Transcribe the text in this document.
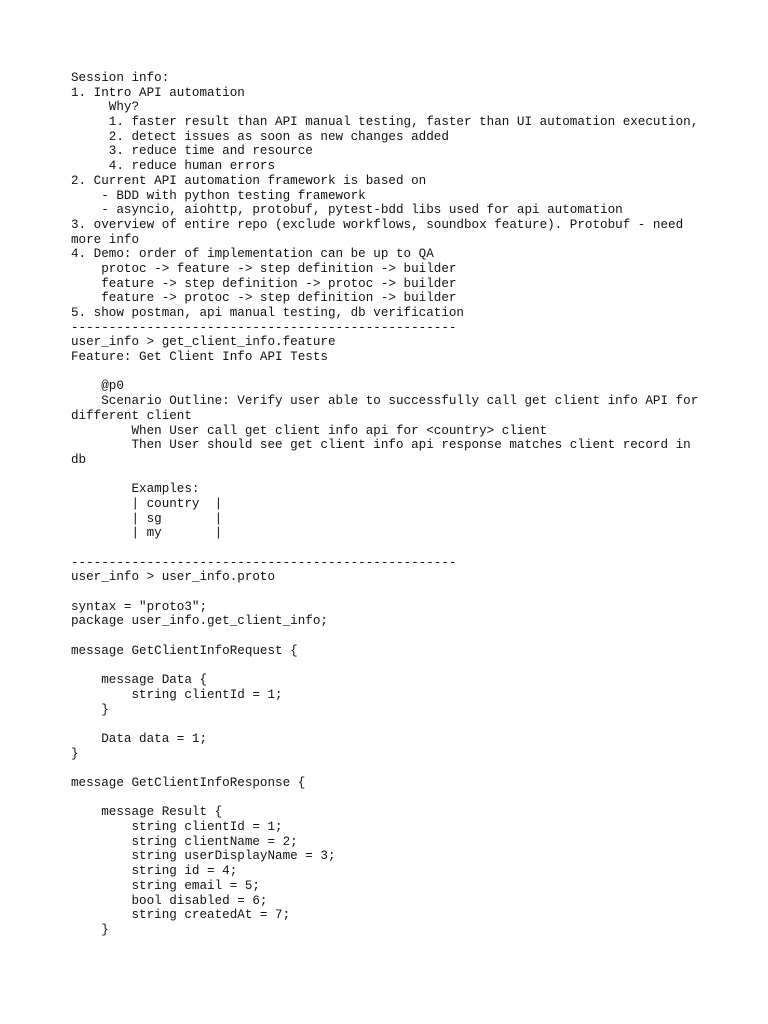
Session info:
1. Intro API automation
Why?
1. faster result than API manual testing, faster than UI automation execution,
2. detect issues as soon as new changes added
3. reduce time and resource
4. reduce human errors
2. Current API automation framework is based on
- BDD with python testing framework
- asyncio, aiohttp, protobuf, pytest-bdd libs used for api automation
3. overview of entire repo (exclude workflows, soundbox feature). Protobuf - need
more info
4. Demo: order of implementation can be up to QA
protoc -> feature -> step definition -> builder
feature -> step definition -> protoc -> builder
feature -> protoc -> step definition -> builder
5. show postman, api manual testing, db verification
---------------------------------------------------
user_info > get_client_info.feature
Feature: Get Client Info API Tests
@p0
Scenario Outline: Verify user able to successfully call get client info API for
different client
When User call get client info api for <country> client
Then User should see get client info api response matches client record in
db
Examples:
| country  |
| sg       |
| my       |
---------------------------------------------------
user_info > user_info.proto
syntax = "proto3";
package user_info.get_client_info;
message GetClientInfoRequest {
message Data {
string clientId = 1;
}
Data data = 1;
}
message GetClientInfoResponse {
message Result {
string clientId = 1;
string clientName = 2;
string userDisplayName = 3;
string id = 4;
string email = 5;
bool disabled = 6;
string createdAt = 7;
}
